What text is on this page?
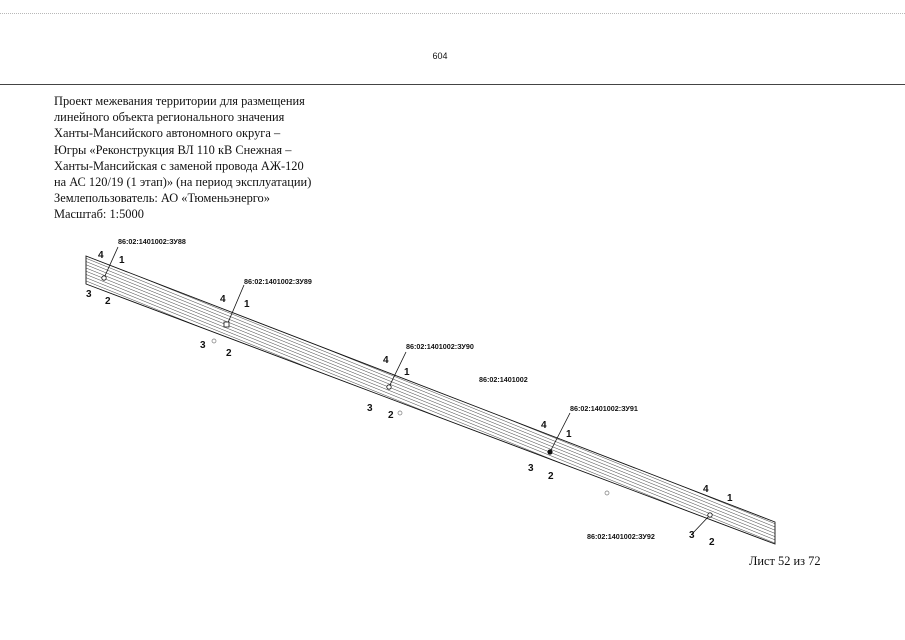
604
Проект межевания территории для размещения
линейного объекта регионального значения
Ханты-Мансийского автономного округа –
Югры «Реконструкция ВЛ 110 кВ Снежная –
Ханты-Мансийская с заменой провода АЖ-120
на АС 120/19 (1 этап)» (на период эксплуатации)
Землепользователь: АО «Тюменьэнерго»
Масштаб: 1:5000
86:02:1401002:ЗУ88
86:02:1401002:ЗУ89
86:02:1401002:ЗУ90
86:02:1401002:ЗУ91
86:02:1401002:ЗУ92
86:02:1401002
4 1
3
2	4 1
3
2
4
1
3
2
4
1
3
2
4
1
3
2
Лист 52 из 72
